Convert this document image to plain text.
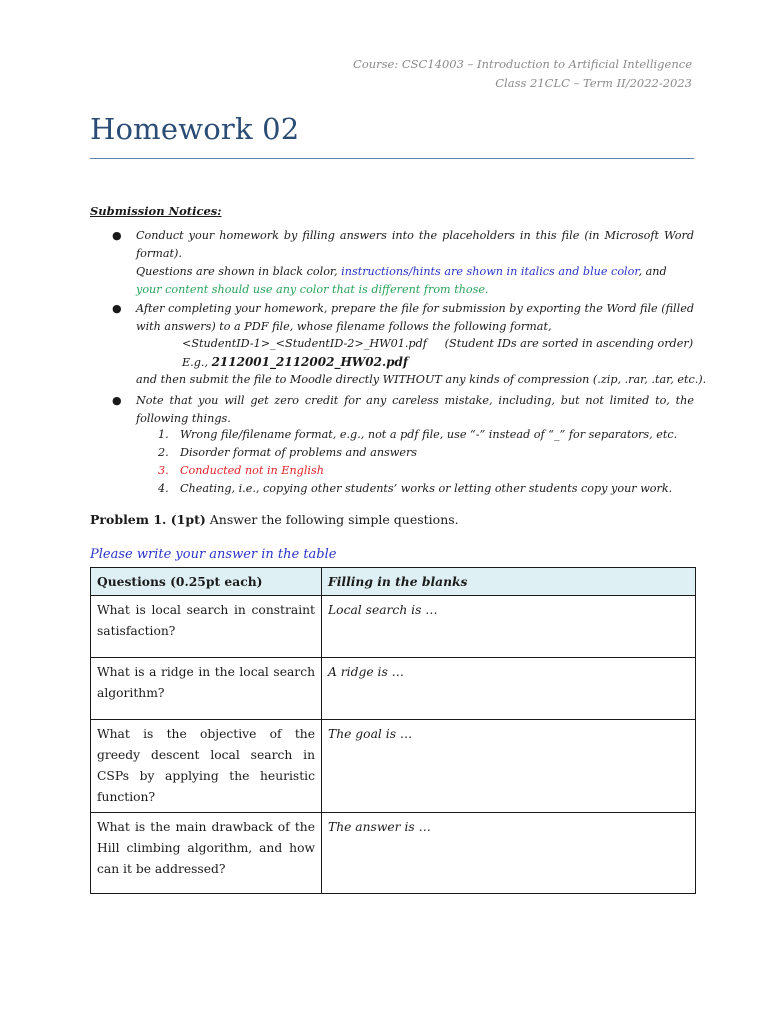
Course: CSC14003 – Introduction to Artificial Intelligence
Class 21CLC – Term II/2022-2023
Homework 02
Submission Notices:
●	Conduct your homework by filling answers into the placeholders in this file (in Microsoft Word format).
Questions are shown in black color, instructions/hints are shown in italics and blue color, and your content should use any color that is different from those.
●	After completing your homework, prepare the file for submission by exporting the Word file (filled with answers) to a PDF file, whose filename follows the following format,
<StudentID-1>_<StudentID-2>_HW01.pdf     (Student IDs are sorted in ascending order)
E.g., 2112001_2112002_HW02.pdf
and then submit the file to Moodle directly WITHOUT any kinds of compression (.zip, .rar, .tar, etc.).
●	Note that you will get zero credit for any careless mistake, including, but not limited to, the following things.
1. Wrong file/filename format, e.g., not a pdf file, use “-” instead of “_” for separators, etc.
2. Disorder format of problems and answers
3. Conducted not in English
4. Cheating, i.e., copying other students’ works or letting other students copy your work.
Problem 1. (1pt) Answer the following simple questions.
Please write your answer in the table
Questions (0.25pt each)	Filling in the blanks
What is local search in constraint satisfaction?	Local search is …
What is a ridge in the local search algorithm?	A ridge is …
What is the objective of the greedy descent local search in CSPs by applying the heuristic function?	The goal is …
What is the main drawback of the Hill climbing algorithm, and how can it be addressed?	The answer is …
